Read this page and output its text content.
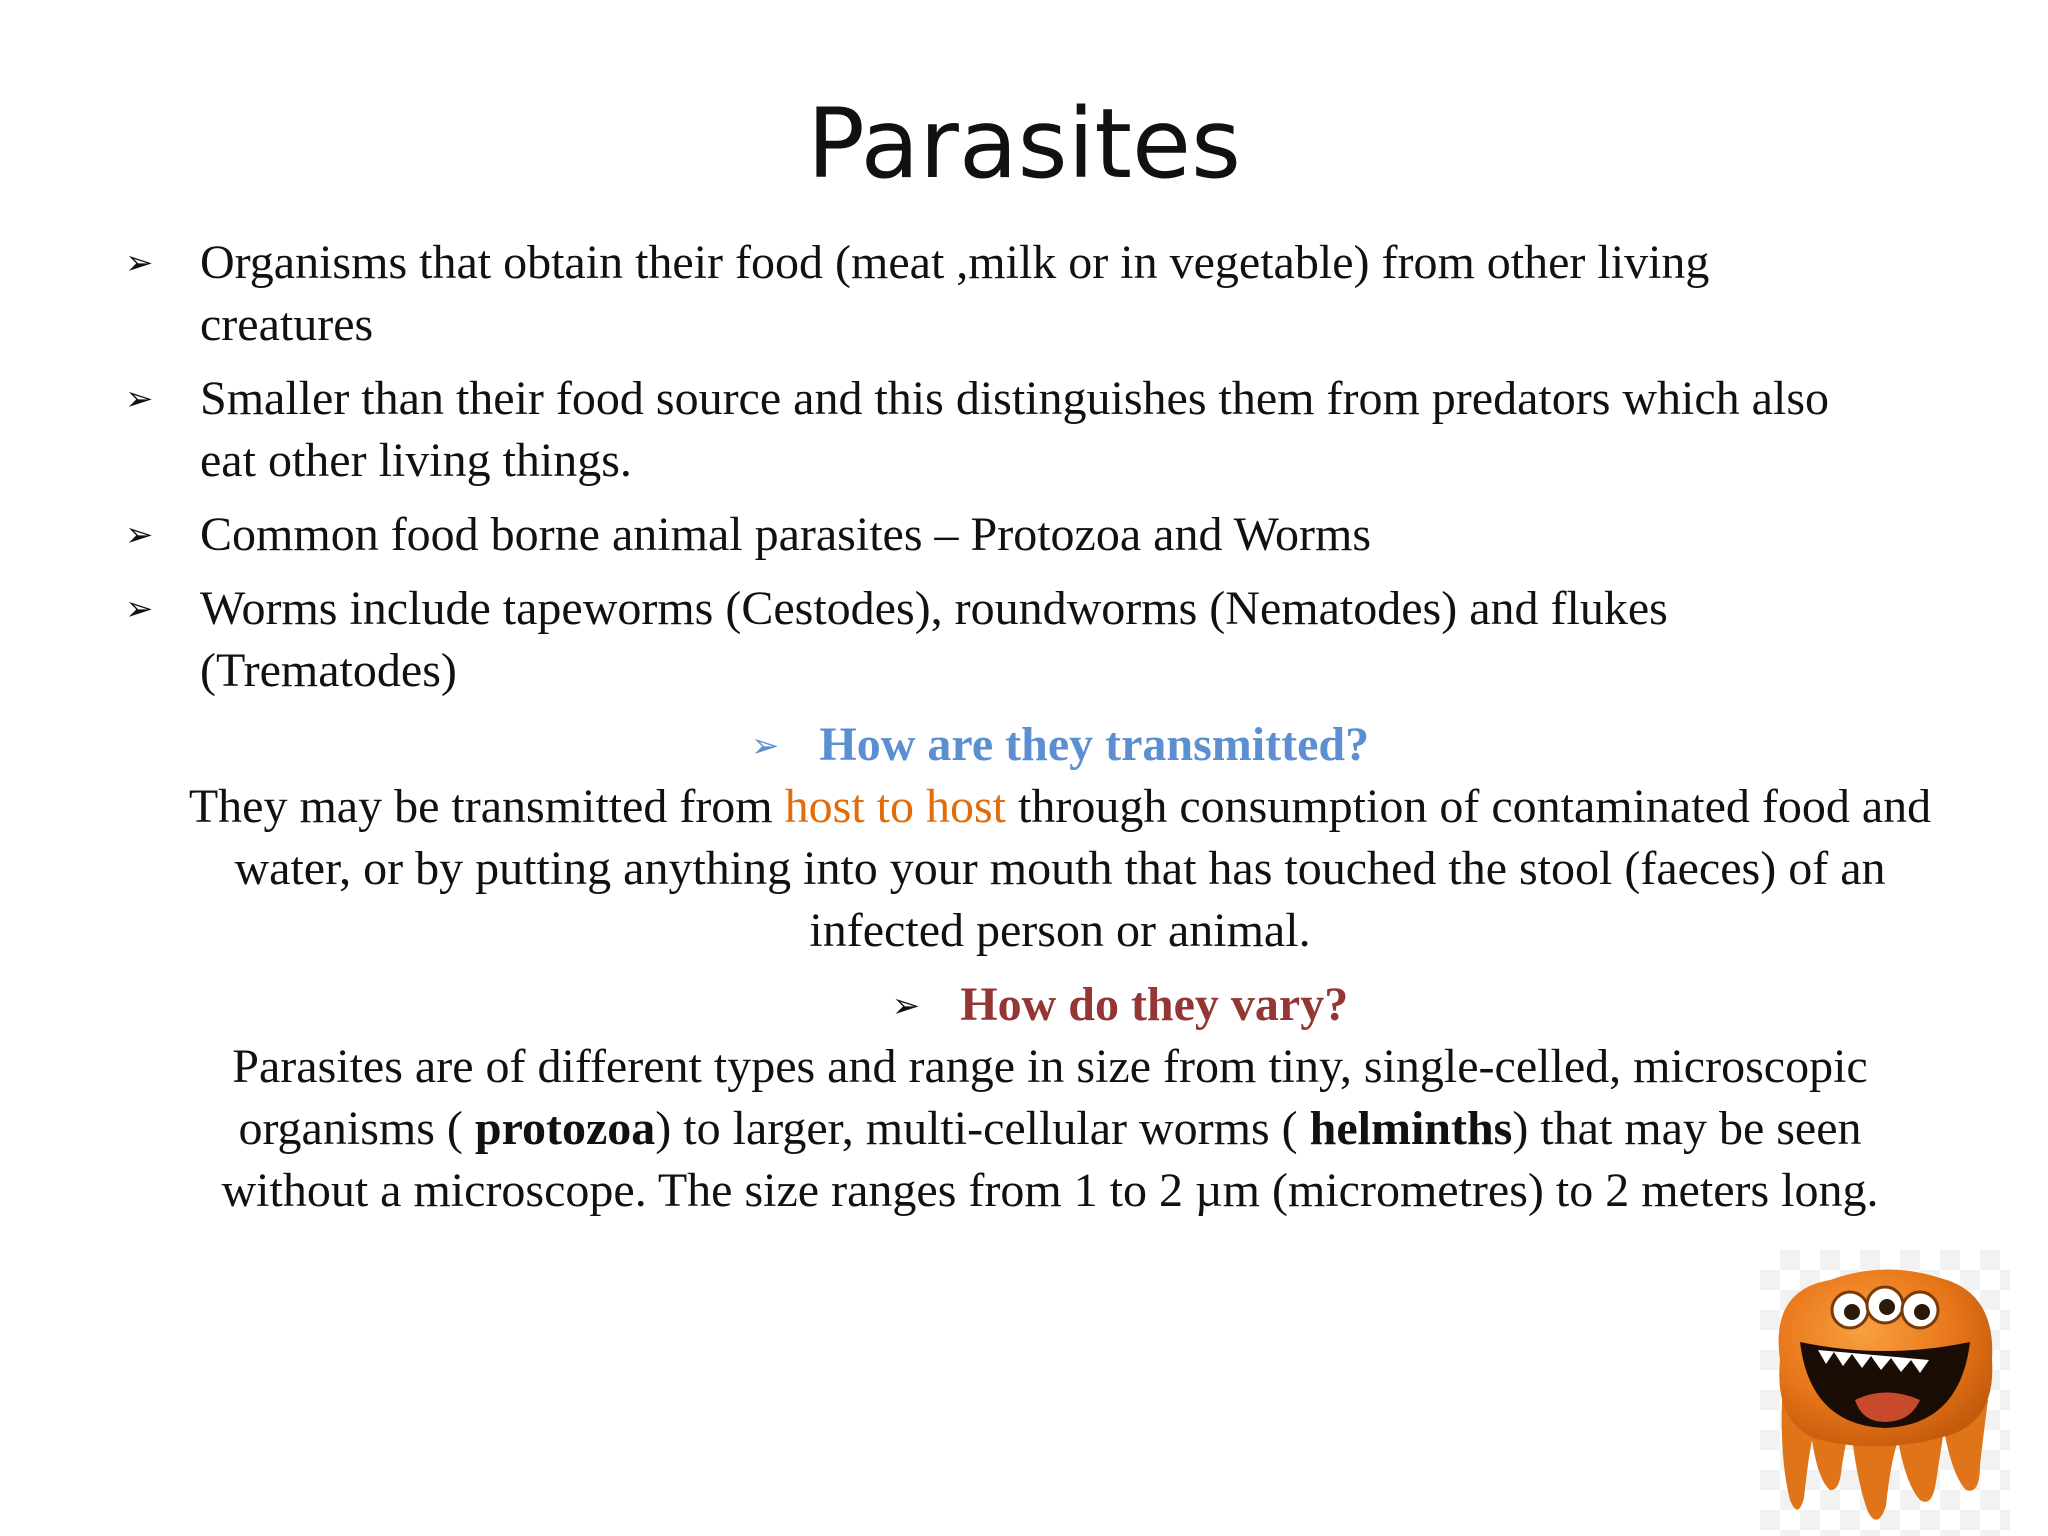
Parasites
➢ Organisms that obtain their food (meat ,milk or in vegetable) from other living creatures
➢ Smaller than their food source and this distinguishes them from predators which also eat other living things.
➢ Common food borne animal parasites – Protozoa and Worms
➢ Worms include tapeworms (Cestodes), roundworms (Nematodes) and flukes (Trematodes)
➢ How are they transmitted?
They may be transmitted from host to host through consumption of contaminated food and water, or by putting anything into your mouth that has touched the stool (faeces) of an infected person or animal.
➢ How do they vary?
Parasites are of different types and range in size from tiny, single-celled, microscopic organisms ( protozoa) to larger, multi-cellular worms ( helminths) that may be seen without a microscope. The size ranges from 1 to 2 µm (micrometres) to 2 meters long.
